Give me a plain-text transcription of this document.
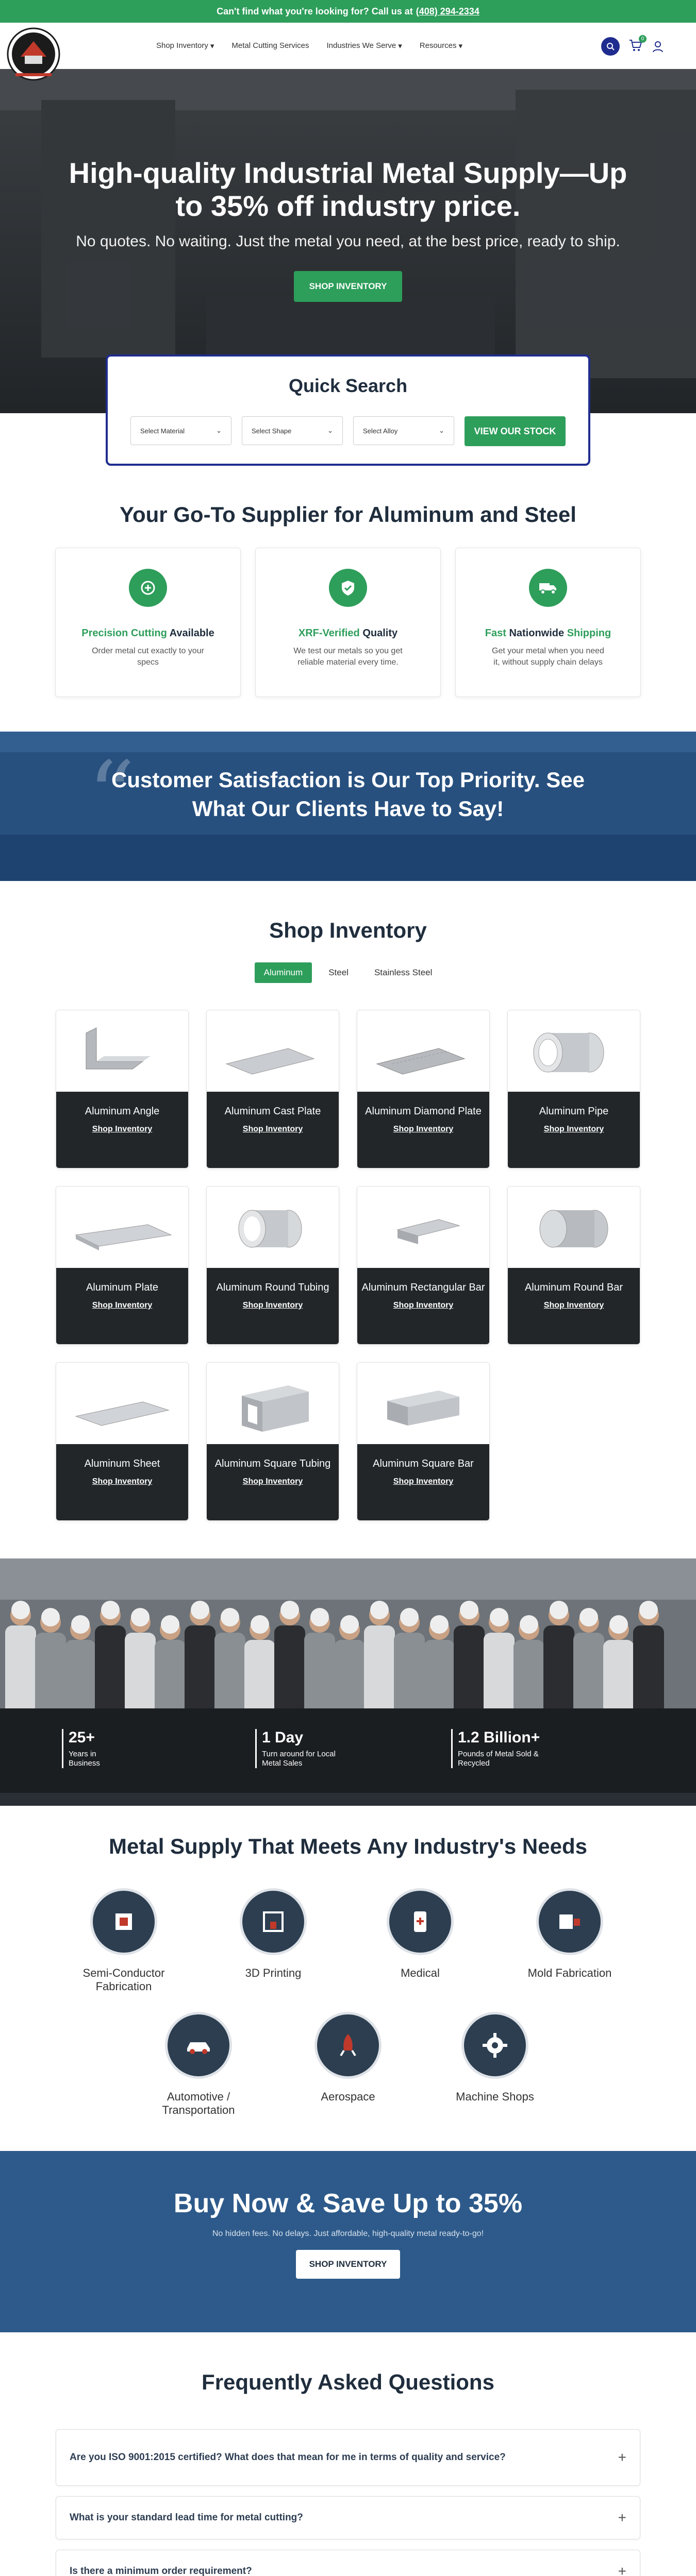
Can't find what you're looking for? Call us at (408) 294-2334
Shop Inventory ▾ Metal Cutting Services Industries We Serve ▾ Resources ▾
0
High-quality Industrial Metal Supply—Up to 35% off industry price.

No quotes. No waiting. Just the metal you need, at the best price, ready to ship.

SHOP INVENTORY
Quick Search
Select Material	⌄	Select Shape	⌄	Select Alloy	⌄	VIEW OUR STOCK
Your Go-To Supplier for Aluminum and Steel
Precision Cutting Available

Order metal cut exactly to your specs

XRF-Verified Quality

We test our metals so you get reliable material every time.

Fast Nationwide Shipping

Get your metal when you need it, without supply chain delays

“
Customer Satisfaction is Our Top Priority. See What Our Clients Have to Say!
Shop Inventory
Aluminum	Steel	Stainless Steel
Aluminum Angle
Shop Inventory
Aluminum Cast Plate
Shop Inventory
Aluminum Diamond Plate
Shop Inventory
Aluminum Pipe
Shop Inventory
Aluminum Plate
Shop Inventory
Aluminum Round Tubing
Shop Inventory
Aluminum Rectangular Bar
Shop Inventory
Aluminum Round Bar
Shop Inventory
Aluminum Sheet
Shop Inventory
Aluminum Square Tubing
Shop Inventory
Aluminum Square Bar
Shop Inventory
25+
Years in Business
1 Day
Turn around for Local Metal Sales
1.2 Billion+
Pounds of Metal Sold & Recycled
Metal Supply That Meets Any Industry's Needs
Semi-Conductor Fabrication
3D Printing	Medical	Mold Fabrication
Automotive / Transportation
Aerospace	Machine Shops
Buy Now & Save Up to 35%

No hidden fees. No delays. Just affordable, high-quality metal ready-to-go!

SHOP INVENTORY
Frequently Asked Questions
Are you ISO 9001:2015 certified? What does that mean for me in terms of quality and service?	+
What is your standard lead time for metal cutting?	+
Is there a minimum order requirement?	+
